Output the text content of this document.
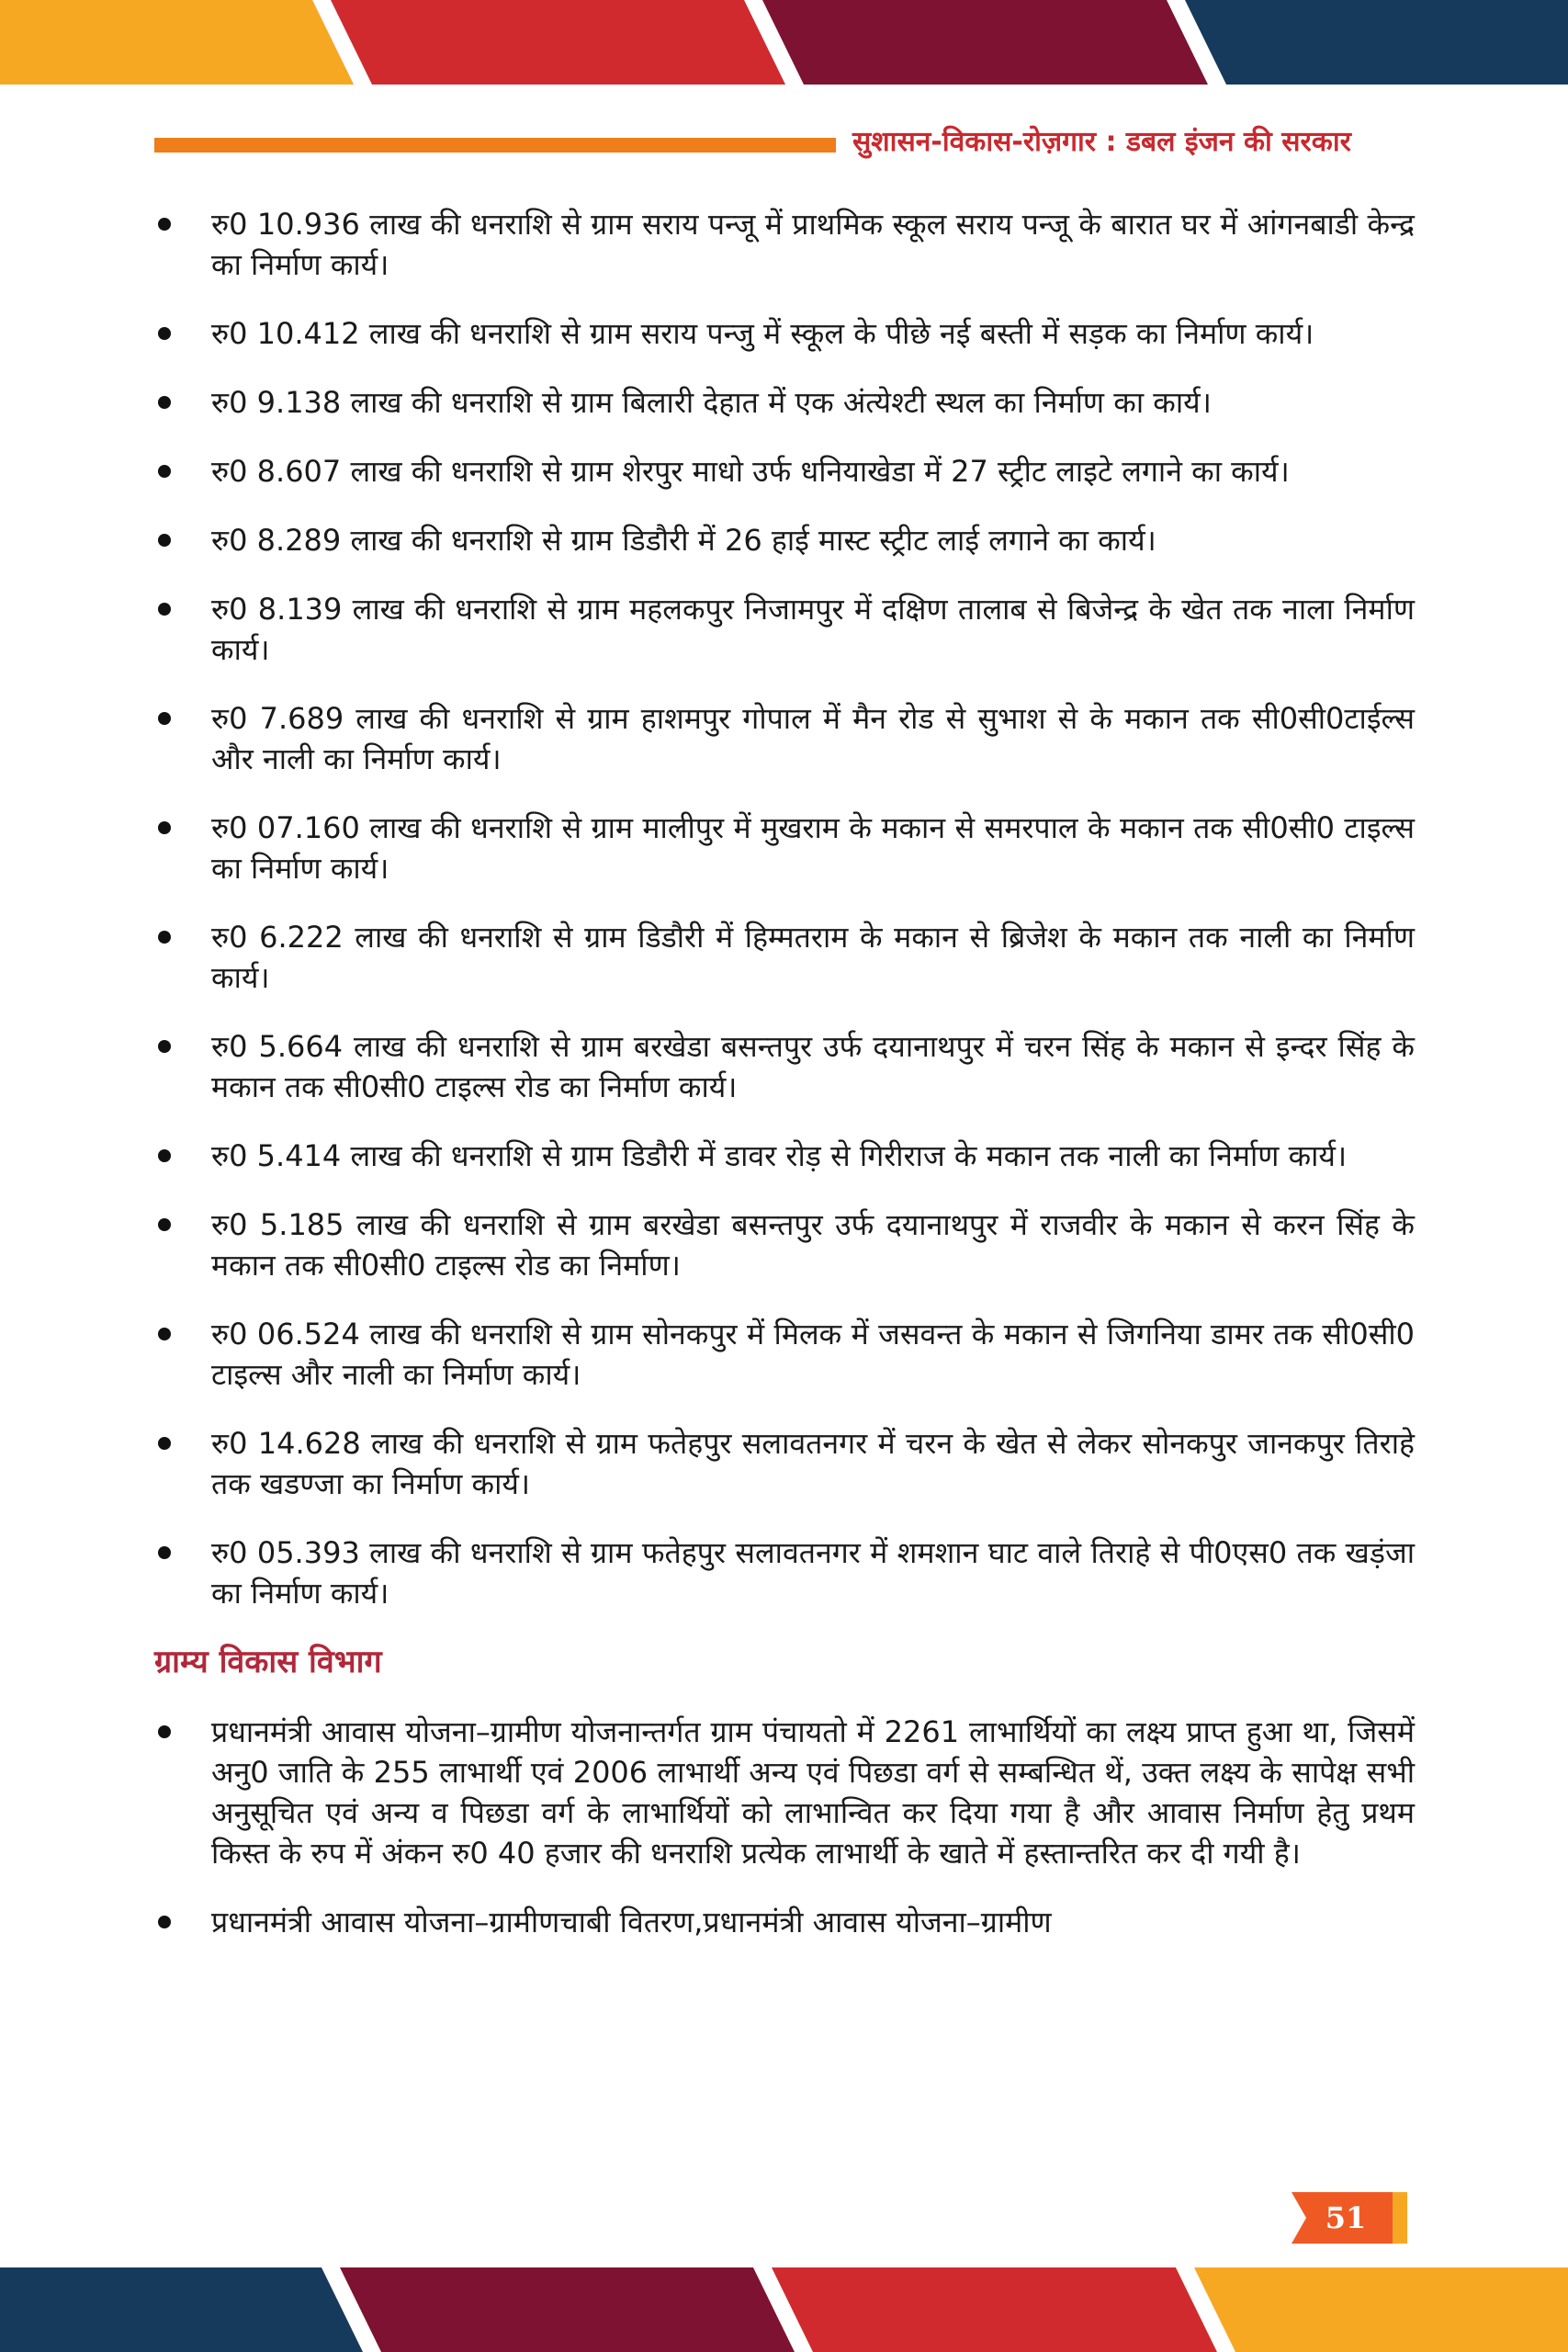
सुशासन-विकास-रोज़गार : डबल इंजन की सरकार
रु0 10.936 लाख की धनराशि से ग्राम सराय पन्जू में प्राथमिक स्कूल सराय पन्जू के बारात घर में आंगनबाडी केन्द्र का निर्माण कार्य।
रु0 10.412 लाख की धनराशि से ग्राम सराय पन्जु में स्कूल के पीछे नई बस्ती में सड़क का निर्माण कार्य।
रु0 9.138 लाख की धनराशि से ग्राम बिलारी देहात में एक अंत्येश्टी स्थल का निर्माण का कार्य।
रु0 8.607 लाख की धनराशि से ग्राम शेरपुर माधो उर्फ धनियाखेडा में 27 स्ट्रीट लाइटे लगाने का कार्य।
रु0 8.289 लाख की धनराशि से ग्राम डिडौरी में 26 हाई मास्ट स्ट्रीट लाई लगाने का कार्य।
रु0 8.139 लाख की धनराशि से ग्राम महलकपुर निजामपुर में दक्षिण तालाब से बिजेन्द्र के खेत तक नाला निर्माण कार्य।
रु0 7.689 लाख की धनराशि से ग्राम हाशमपुर गोपाल में मैन रोड से सुभाश से के मकान तक सी0सी0टाईल्स और नाली का निर्माण कार्य।
रु0 07.160 लाख की धनराशि से ग्राम मालीपुर में मुखराम के मकान से समरपाल के मकान तक सी0सी0 टाइल्स का निर्माण कार्य।
रु0 6.222 लाख की धनराशि से ग्राम डिडौरी में हिम्मतराम के मकान से ब्रिजेश के मकान तक नाली का निर्माण कार्य।
रु0 5.664 लाख की धनराशि से ग्राम बरखेडा बसन्तपुर उर्फ दयानाथपुर में चरन सिंह के मकान से इन्दर सिंह के मकान तक सी0सी0 टाइल्स रोड का निर्माण कार्य।
रु0 5.414 लाख की धनराशि से ग्राम डिडौरी में डावर रोड़ से गिरीराज के मकान तक नाली का निर्माण कार्य।
रु0 5.185 लाख की धनराशि से ग्राम बरखेडा बसन्तपुर उर्फ दयानाथपुर में राजवीर के मकान से करन सिंह के मकान तक सी0सी0 टाइल्स रोड का निर्माण।
रु0 06.524 लाख की धनराशि से ग्राम सोनकपुर में मिलक में जसवन्त के मकान से जिगनिया डामर तक सी0सी0 टाइल्स और नाली का निर्माण कार्य।
रु0 14.628 लाख की धनराशि से ग्राम फतेहपुर सलावतनगर में चरन के खेत से लेकर सोनकपुर जानकपुर तिराहे तक खडण्जा का निर्माण कार्य।
रु0 05.393 लाख की धनराशि से ग्राम फतेहपुर सलावतनगर में शमशान घाट वाले तिराहे से पी0एस0 तक खड़ंजा का निर्माण कार्य।
ग्राम्य विकास विभाग
प्रधानमंत्री आवास योजना–ग्रामीण योजनान्तर्गत ग्राम पंचायतो में 2261 लाभार्थियों का लक्ष्य प्राप्त हुआ था, जिसमें अनु0 जाति के 255 लाभार्थी एवं 2006 लाभार्थी अन्य एवं पिछडा वर्ग से सम्बन्धित थें, उक्त लक्ष्य के सापेक्ष सभी अनुसूचित एवं अन्य व पिछडा वर्ग के लाभार्थियों को लाभान्वित कर दिया गया है और आवास निर्माण हेतु प्रथम किस्त के रुप में अंकन रु0 40 हजार की धनराशि प्रत्येक लाभार्थी के खाते में हस्तान्तरित कर दी गयी है।
प्रधानमंत्री आवास योजना–ग्रामीणचाबी वितरण,प्रधानमंत्री आवास योजना–ग्रामीण
51
